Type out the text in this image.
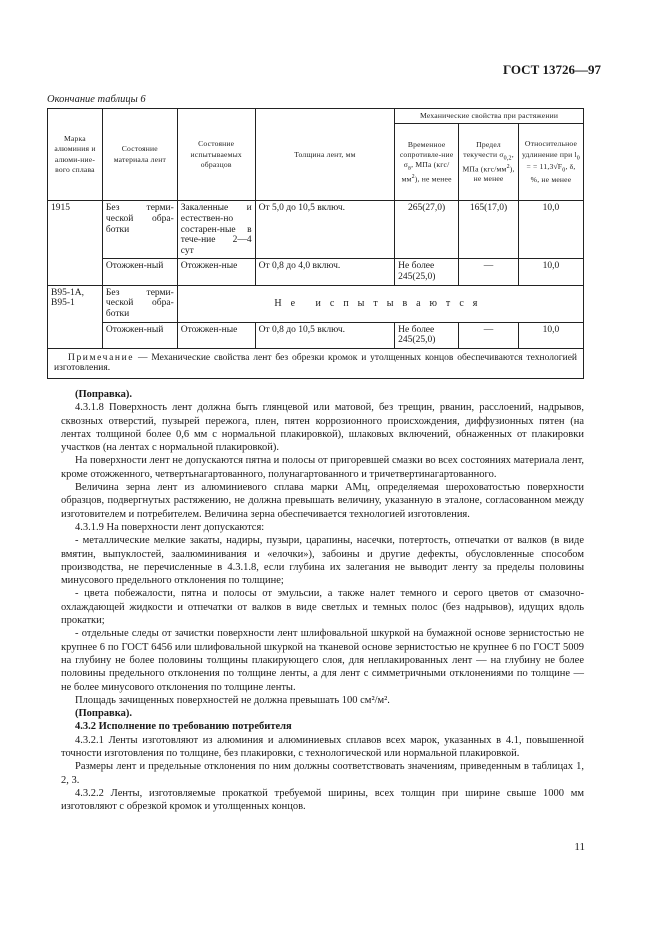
ГОСТ 13726—97
Окончание таблицы 6
Марка алюминия и алюми-ние-вого сплава	Состояние материала лент	Состояние испытываемых образцов	Толщина лент, мм	Механические свойства при растяжении		
				Временное сопротивле-ние $\sigma_в$, МПа $(кгс/мм^2)$, не менее	Предел текучести $\sigma_{0,2}$, МПа $(кгс/мм^2)$, не менее	Относительное удлинение при $l_0$ = = $11,3√F_0$, δ, %, не менее
1915	Без терми-ческой обра-ботки	Закаленные и естествен-но состарен-ные в тече-ние 2—4 сут	От 5,0 до 10,5 включ.	265(27,0)	165(17,0)	10,0
	Отожжен-ный	Отожжен-ные	От 0,8 до 4,0 включ.	Не более 245(25,0)	—	10,0
В95-1А, В95-1	Без терми-ческой обра-ботки	Не испытываются				
	Отожжен-ный	Отожжен-ные	От 0,8 до 10,5 включ.	Не более 245(25,0)	—	10,0
Примечание — Механические свойства лент без обрезки кромок и утолщенных концов обеспечиваются технологией изготовления.						

(Поправка).

4.3.1.8 Поверхность лент должна быть глянцевой или матовой, без трещин, рванин, расслоений, надрывов, сквозных отверстий, пузырей пережога, плен, пятен коррозионного происхождения, диффузионных пятен (на лентах толщиной более 0,6 мм с нормальной плакировкой), шлаковых включений, обнаженных от плакировки участков (на лентах с нормальной плакировкой).

На поверхности лент не допускаются пятна и полосы от пригоревшей смазки во всех состояниях материала лент, кроме отожженного, четвертьнагартованного, полунагартованного и тричетвертинагартованного.

Величина зерна лент из алюминиевого сплава марки АМц, определяемая шероховатостью поверхности образцов, подвергнутых растяжению, не должна превышать величину, указанную в эталоне, согласованном между изготовителем и потребителем. Величина зерна обеспечивается технологией изготовления.

4.3.1.9 На поверхности лент допускаются:

- металлические мелкие закаты, надиры, пузыри, царапины, насечки, потертость, отпечатки от валков (в виде вмятин, выпуклостей, заалюминивания и «елочки»), забоины и другие дефекты, обусловленные способом производства, не перечисленные в 4.3.1.8, если глубина их залегания не выводит ленту за пределы половины минусового предельного отклонения по толщине;

- цвета побежалости, пятна и полосы от эмульсии, а также налет темного и серого цветов от смазочно-охлаждающей жидкости и отпечатки от валков в виде светлых и темных полос (без надрывов), идущих вдоль прокатки;

- отдельные следы от зачистки поверхности лент шлифовальной шкуркой на бумажной основе зернистостью не крупнее 6 по ГОСТ 6456 или шлифовальной шкуркой на тканевой основе зернистостью не крупнее 6 по ГОСТ 5009 на глубину не более половины толщины плакирующего слоя, для неплакированных лент — на глубину не более половины предельного отклонения по толщине ленты, а для лент с симметричными отклонениями по толщине — не более минусового отклонения по толщине ленты.

Площадь зачищенных поверхностей не должна превышать 100 см²/м².

(Поправка).

4.3.2 Исполнение по требованию потребителя

4.3.2.1 Ленты изготовляют из алюминия и алюминиевых сплавов всех марок, указанных в 4.1, повышенной точности изготовления по толщине, без плакировки, с технологической или нормальной плакировкой.

Размеры лент и предельные отклонения по ним должны соответствовать значениям, приведенным в таблицах 1, 2, 3.

4.3.2.2 Ленты, изготовляемые прокаткой требуемой ширины, всех толщин при ширине свыше 1000 мм изготовляют с обрезкой кромок и утолщенных концов.

11
